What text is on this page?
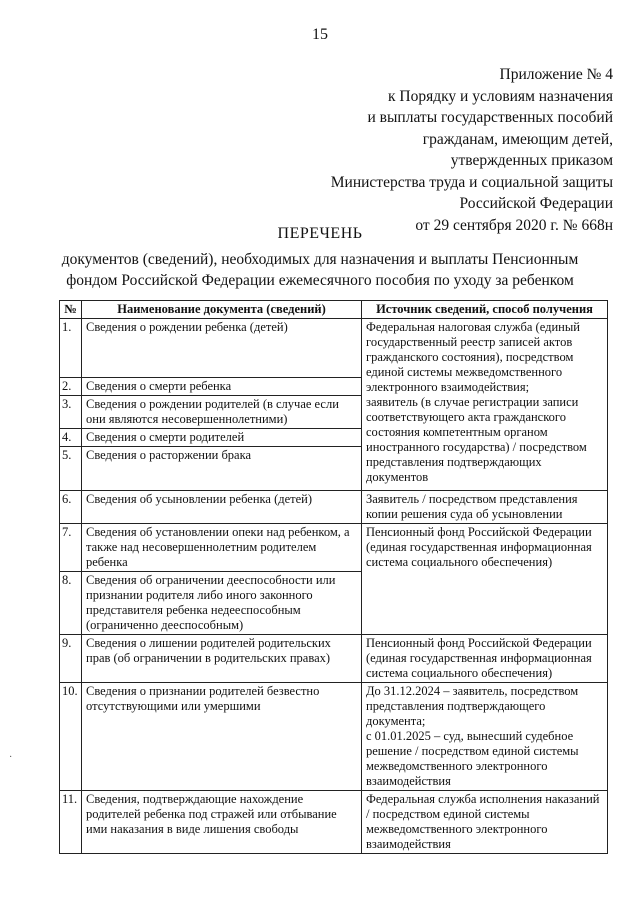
15
Приложение № 4
к Порядку и условиям назначения
и выплаты государственных пособий
гражданам, имеющим детей,
утвержденных приказом
Министерства труда и социальной защиты
Российской Федерации
от 29 сентября 2020 г. № 668н
ПЕРЕЧЕНЬ
документов (сведений), необходимых для назначения и выплаты Пенсионным
фондом Российской Федерации ежемесячного пособия по уходу за ребенком
№	Наименование документа (сведений)	Источник сведений, способ получения
1.	Сведения о рождении ребенка (детей)	Федеральная налоговая служба (единый государственный реестр записей актов гражданского состояния), посредством единой системы межведомственного электронного взаимодействия;
заявитель (в случае регистрации записи соответствующего акта гражданского состояния компетентным органом иностранного государства) / посредством представления подтверждающих документов

2.	Сведения о смерти ребенка	
3.	Сведения о рождении родителей (в случае если они являются несовершеннолетними)	
4.	Сведения о смерти родителей	
5.	Сведения о расторжении брака	
6.	Сведения об усыновлении ребенка (детей)	Заявитель / посредством представления копии решения суда об усыновлении
7.	Сведения об установлении опеки над ребенком, а также над несовершеннолетним родителем ребенка	Пенсионный фонд Российской Федерации (единая государственная информационная система социального обеспечения)
8.	Сведения об ограничении дееспособности или признании родителя либо иного законного представителя ребенка недееспособным (ограниченно дееспособным)	
9.	Сведения о лишении родителей родительских прав (об ограничении в родительских правах)	Пенсионный фонд Российской Федерации (единая государственная информационная система социального обеспечения)
10.	Сведения о признании родителей безвестно отсутствующими или умершими	До 31.12.2024 – заявитель, посредством представления подтверждающего документа;
с 01.01.2025 – суд, вынесший судебное решение / посредством единой системы межведомственного электронного взаимодействия

11.	Сведения, подтверждающие нахождение родителей ребенка под стражей или отбывание ими наказания в виде лишения свободы	Федеральная служба исполнения наказаний / посредством единой системы межведомственного электронного взаимодействия
·
